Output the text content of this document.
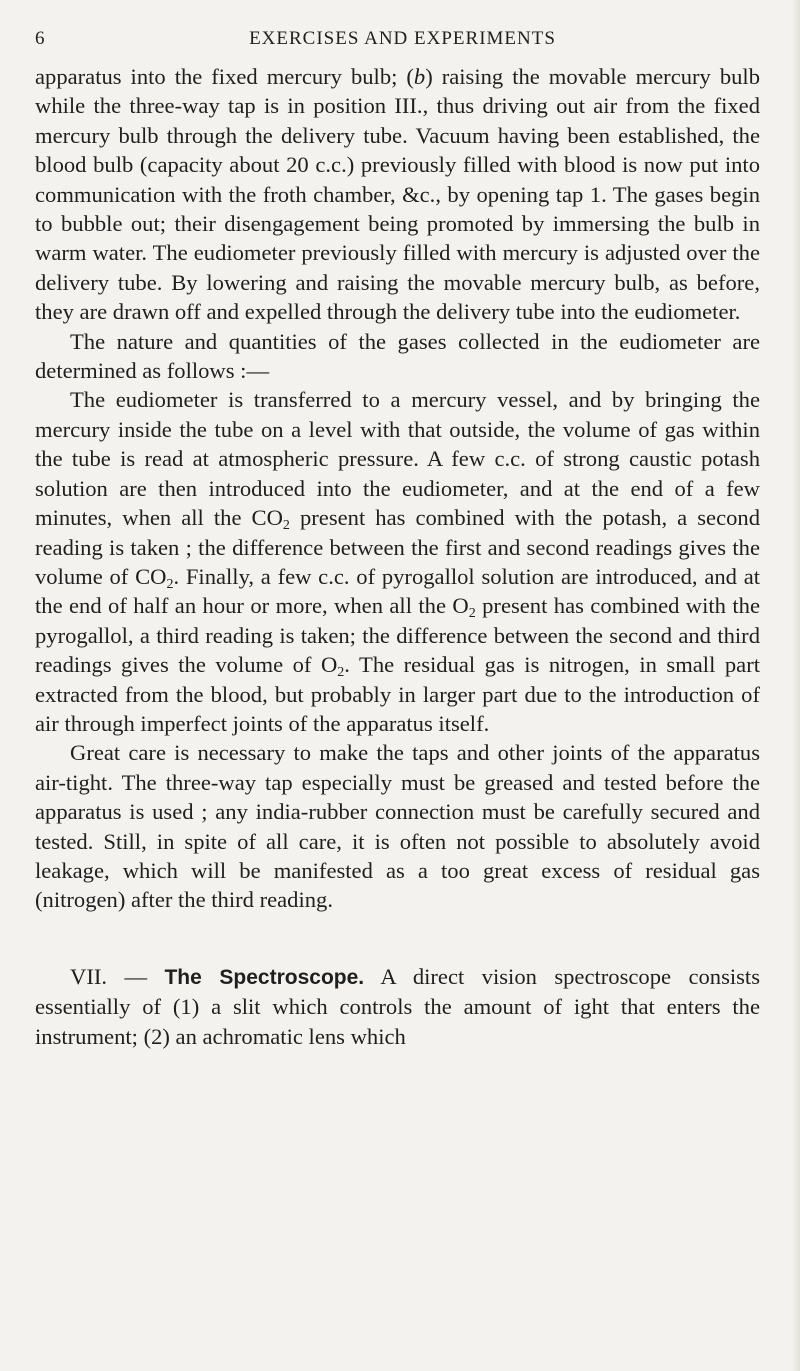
6	EXERCISES AND EXPERIMENTS

apparatus into the fixed mercury bulb; (b) raising the movable mercury bulb while the three-way tap is in position III., thus driving out air from the fixed mercury bulb through the delivery tube. Vacuum having been established, the blood bulb (capacity about 20 c.c.) previously filled with blood is now put into communication with the froth chamber, &c., by opening tap 1. The gases begin to bubble out; their disengagement being promoted by immersing the bulb in warm water. The eudiometer previously filled with mercury is adjusted over the delivery tube. By lowering and raising the movable mercury bulb, as before, they are drawn off and expelled through the delivery tube into the eudiometer.

The nature and quantities of the gases collected in the eudiometer are determined as follows :—

The eudiometer is transferred to a mercury vessel, and by bringing the mercury inside the tube on a level with that outside, the volume of gas within the tube is read at atmospheric pressure. A few c.c. of strong caustic potash solution are then introduced into the eudiometer, and at the end of a few minutes, when all the $CO_2$ present has combined with the potash, a second reading is taken ; the difference between the first and second readings gives the volume of $CO_2$. Finally, a few c.c. of pyrogallol solution are introduced, and at the end of half an hour or more, when all the $O_2$ present has combined with the pyrogallol, a third reading is taken; the difference between the second and third readings gives the volume of $O_2$. The residual gas is nitrogen, in small part extracted from the blood, but probably in larger part due to the introduction of air through imperfect joints of the apparatus itself.

Great care is necessary to make the taps and other joints of the apparatus air-tight. The three-way tap especially must be greased and tested before the apparatus is used ; any india-rubber connection must be carefully secured and tested. Still, in spite of all care, it is often not possible to absolutely avoid leakage, which will be manifested as a too great excess of residual gas (nitrogen) after the third reading.

VII. — The Spectroscope. A direct vision spectroscope consists essentially of (1) a slit which controls the amount of ight that enters the instrument; (2) an achromatic lens which
